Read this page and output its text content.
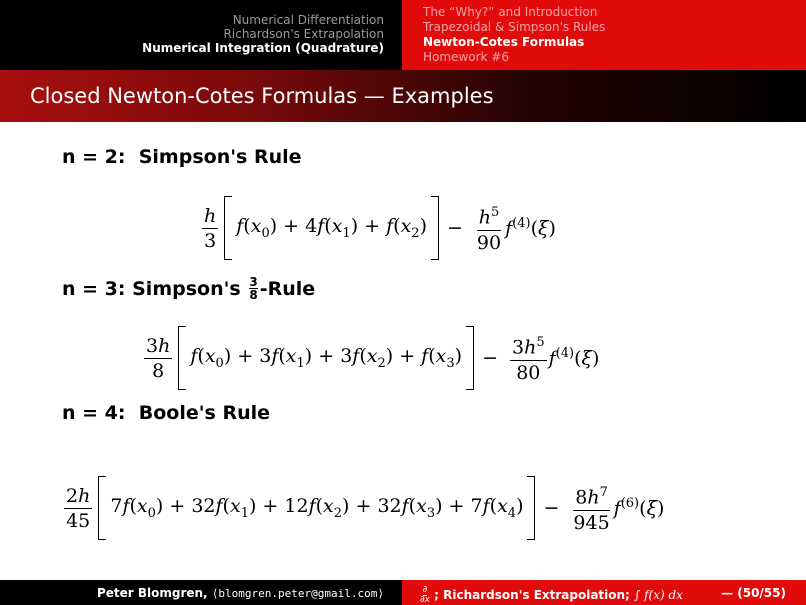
Numerical Differentiation
Richardson's Extrapolation
Numerical Integration (Quadrature)
The “Why?” and Introduction
Trapezoidal & Simpson's Rules
Newton-Cotes Formulas
Homework #6
Closed Newton-Cotes Formulas — Examples
n = 2:  Simpson's Rule
$\frac{h}{3} f(x_0) + 4f(x_1) + f(x_2) - \frac{h^5}{90} f^{(4)}(\xi)$
n = 3 : Simpson's
3
8 -Rule
$\frac{3h}{8} f(x_0) + 3f(x_1) + 3f(x_2) + f(x_3) - \frac{3h^5}{80} f^{(4)}(\xi)$
n = 4:  Boole's Rule
$\frac{2h}{45} 7f(x_0) + 32f(x_1) + 12f(x_2) + 32f(x_3) + 7f(x_4) - \frac{8h^7}{945} f^{(6)}(\xi)$
Peter Blomgren, ⟨blomgren.peter@gmail.com⟩	∂
∂x ; Richardson's Extrapolation; ∫ f(x) dx	— (50/55)
